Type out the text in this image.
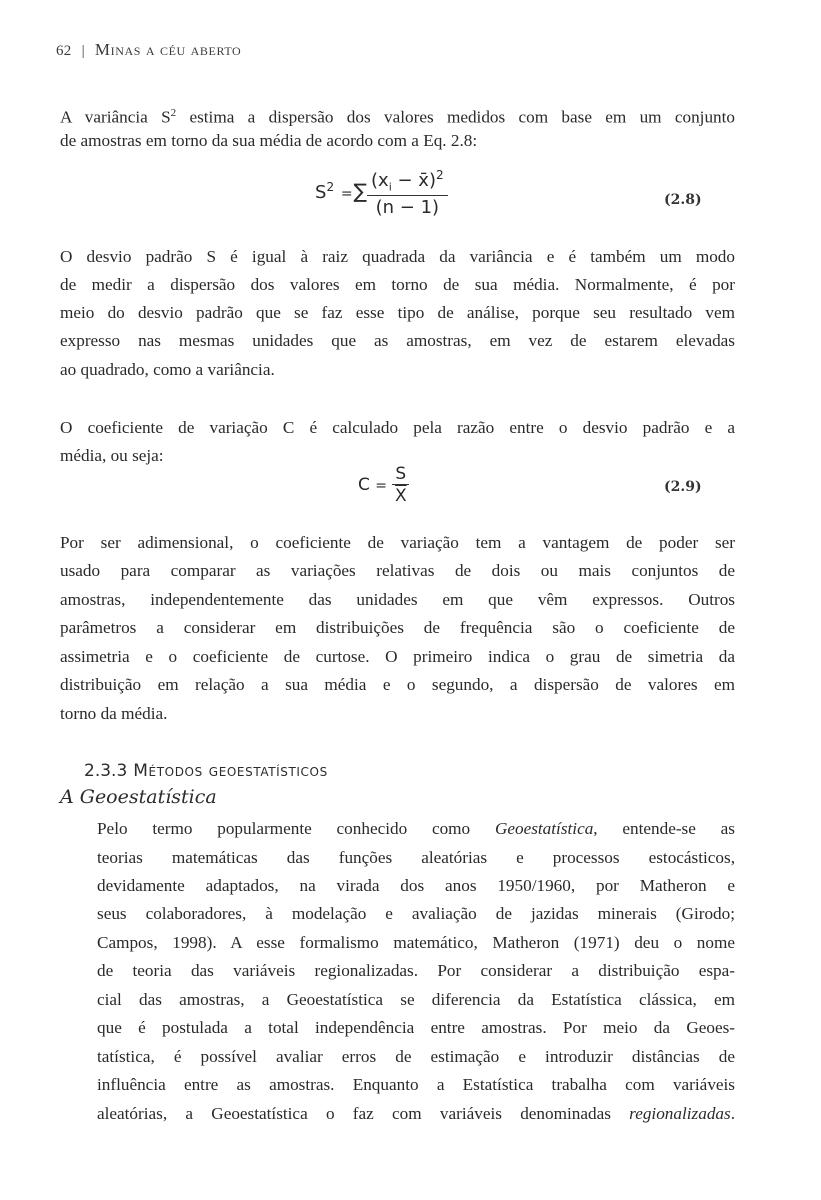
62 | Minas a céu aberto
A variância $S^2$ estima a dispersão dos valores medidos com base em um conjunto
de amostras em torno da sua média de acordo com a Eq. 2.8:
$S^2$ =∑ $\frac{(x_i - x̄)^2}{(n - 1)}$	(2.8)
O desvio padrão S é igual à raiz quadrada da variância e é também um modo
de medir a dispersão dos valores em torno de sua média. Normalmente, é por
meio do desvio padrão que se faz esse tipo de análise, porque seu resultado vem
expresso nas mesmas unidades que as amostras, em vez de estarem elevadas
ao quadrado, como a variância.
O coeficiente de variação C é calculado pela razão entre o desvio padrão e a
média, ou seja:
$C = \frac{S}{X}$	(2.9)
Por ser adimensional, o coeficiente de variação tem a vantagem de poder ser
usado para comparar as variações relativas de dois ou mais conjuntos de
amostras, independentemente das unidades em que vêm expressos. Outros
parâmetros a considerar em distribuições de frequência são o coeficiente de
assimetria e o coeficiente de curtose. O primeiro indica o grau de simetria da
distribuição em relação a sua média e o segundo, a dispersão de valores em
torno da média.
2.3.3 Métodos geoestatísticos
A Geoestatística
Pelo termo popularmente conhecido como Geoestatística, entende-se as
teorias matemáticas das funções aleatórias e processos estocásticos,
devidamente adaptados, na virada dos anos 1950/1960, por Matheron e
seus colaboradores, à modelação e avaliação de jazidas minerais (Girodo;
Campos, 1998). A esse formalismo matemático, Matheron (1971) deu o nome
de teoria das variáveis regionalizadas. Por considerar a distribuição espa-
cial das amostras, a Geoestatística se diferencia da Estatística clássica, em
que é postulada a total independência entre amostras. Por meio da Geoes-
tatística, é possível avaliar erros de estimação e introduzir distâncias de
influência entre as amostras. Enquanto a Estatística trabalha com variáveis
aleatórias, a Geoestatística o faz com variáveis denominadas regionalizadas.
